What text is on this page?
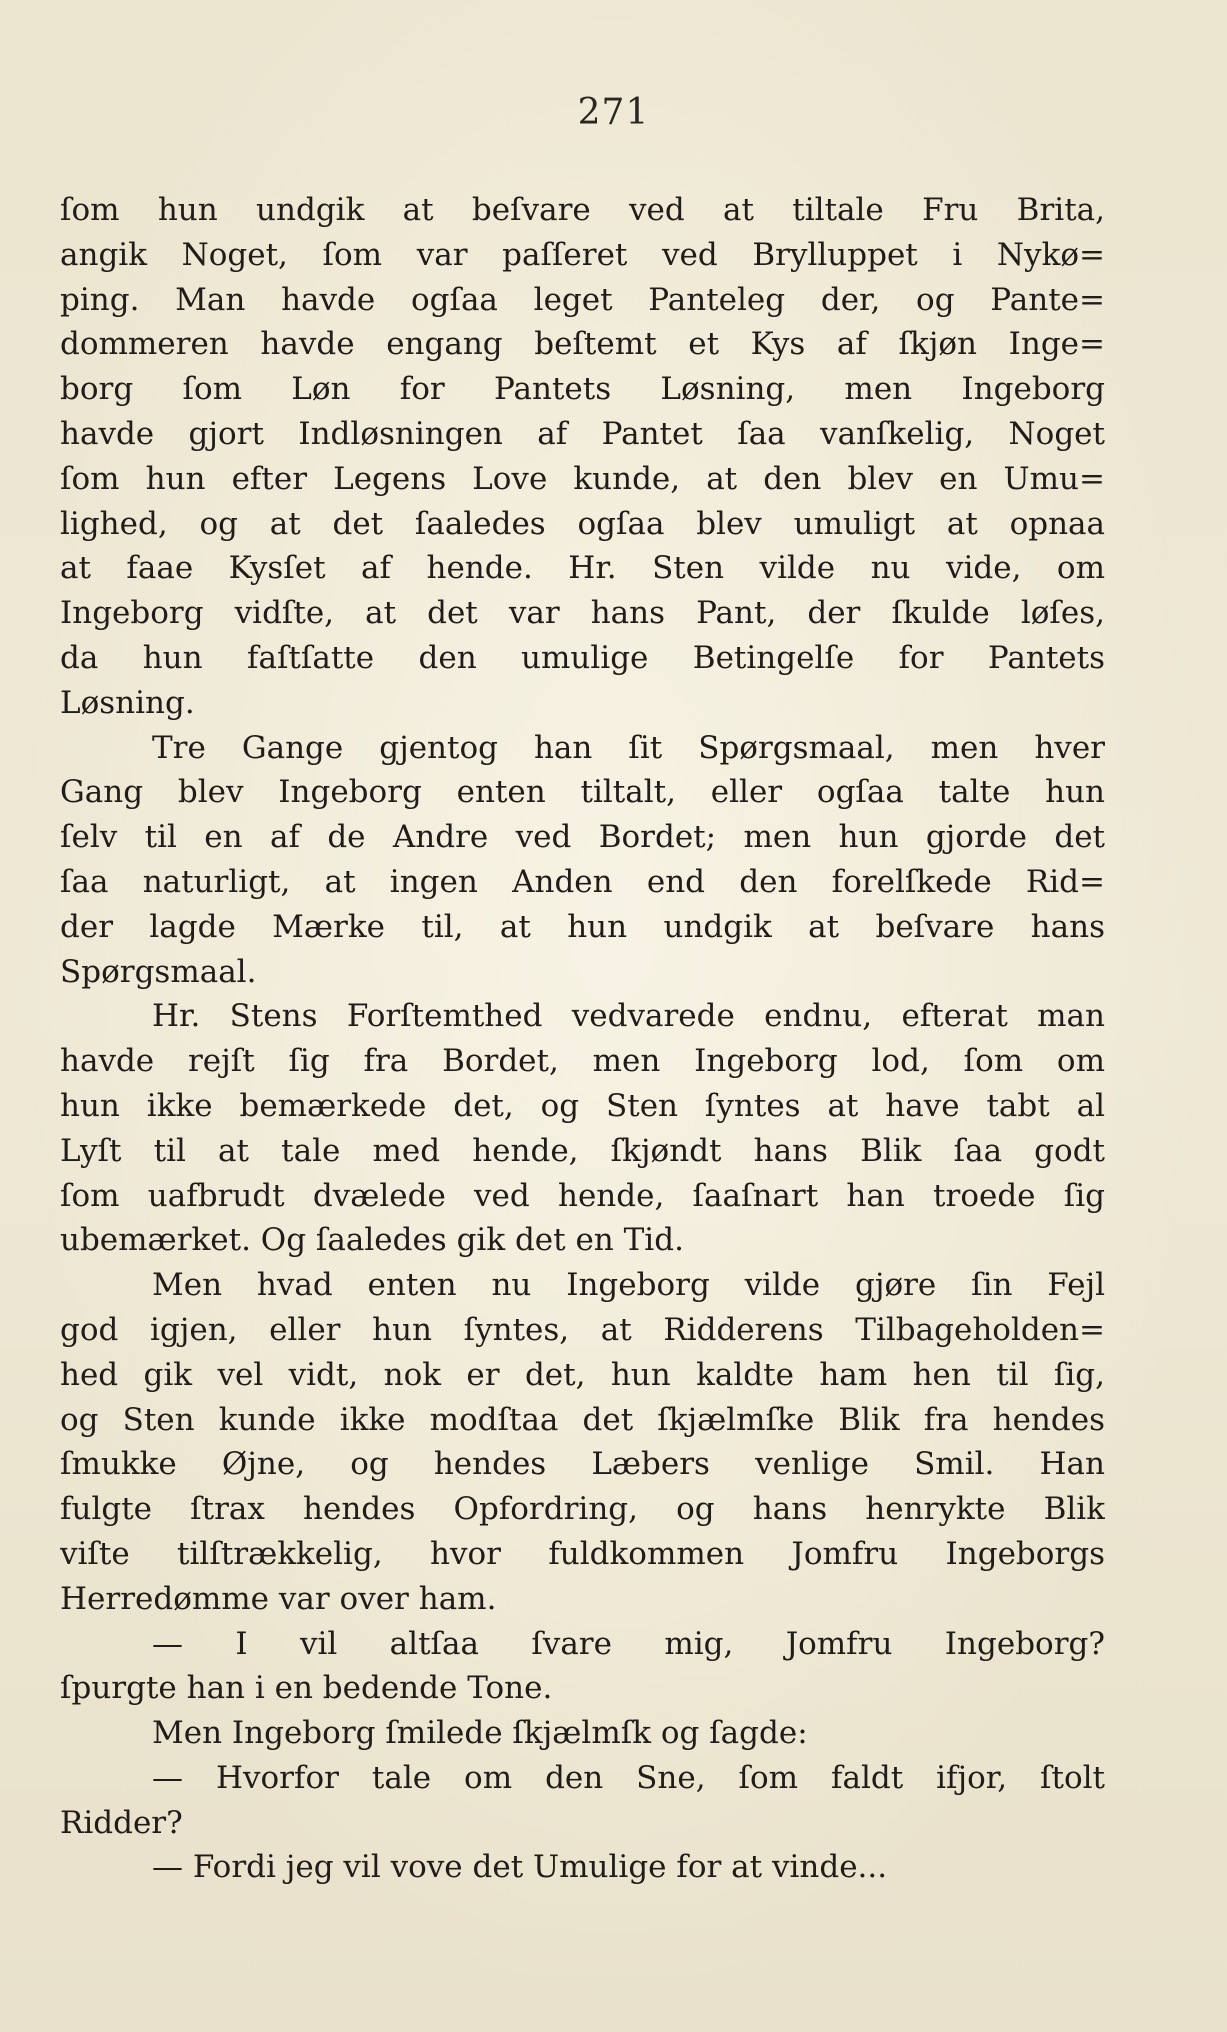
271
ſom hun undgik at beſvare ved at tiltale Fru Brita,
angik Noget, ſom var paſſeret ved Brylluppet i Nykø=
ping. Man havde ogſaa leget Panteleg der, og Pante=
dommeren havde engang beſtemt et Kys af ſkjøn Inge=
borg ſom Løn for Pantets Løsning, men Ingeborg
havde gjort Indløsningen af Pantet ſaa vanſkelig, Noget
ſom hun efter Legens Love kunde, at den blev en Umu=
lighed, og at det ſaaledes ogſaa blev umuligt at opnaa
at faae Kysſet af hende. Hr. Sten vilde nu vide, om
Ingeborg vidſte, at det var hans Pant, der ſkulde løſes,
da hun faſtſatte den umulige Betingelſe for Pantets
Løsning.
Tre Gange gjentog han ſit Spørgsmaal, men hver
Gang blev Ingeborg enten tiltalt, eller ogſaa talte hun
ſelv til en af de Andre ved Bordet; men hun gjorde det
ſaa naturligt, at ingen Anden end den forelſkede Rid=
der lagde Mærke til, at hun undgik at beſvare hans
Spørgsmaal.
Hr. Stens Forſtemthed vedvarede endnu, efterat man
havde rejſt ſig fra Bordet, men Ingeborg lod, ſom om
hun ikke bemærkede det, og Sten ſyntes at have tabt al
Lyſt til at tale med hende, ſkjøndt hans Blik ſaa godt
ſom uafbrudt dvælede ved hende, ſaaſnart han troede ſig
ubemærket. Og ſaaledes gik det en Tid.
Men hvad enten nu Ingeborg vilde gjøre ſin Fejl
god igjen, eller hun ſyntes, at Ridderens Tilbageholden=
hed gik vel vidt, nok er det, hun kaldte ham hen til ſig,
og Sten kunde ikke modſtaa det ſkjælmſke Blik fra hendes
ſmukke Øjne, og hendes Læbers venlige Smil. Han
fulgte ſtrax hendes Opfordring, og hans henrykte Blik
viſte tilſtrækkelig, hvor fuldkommen Jomfru Ingeborgs
Herredømme var over ham.
— I vil altſaa ſvare mig, Jomfru Ingeborg?
ſpurgte han i en bedende Tone.
Men Ingeborg ſmilede ſkjælmſk og ſagde:
— Hvorfor tale om den Sne, ſom faldt ifjor, ſtolt
Ridder?
— Fordi jeg vil vove det Umulige for at vinde...
